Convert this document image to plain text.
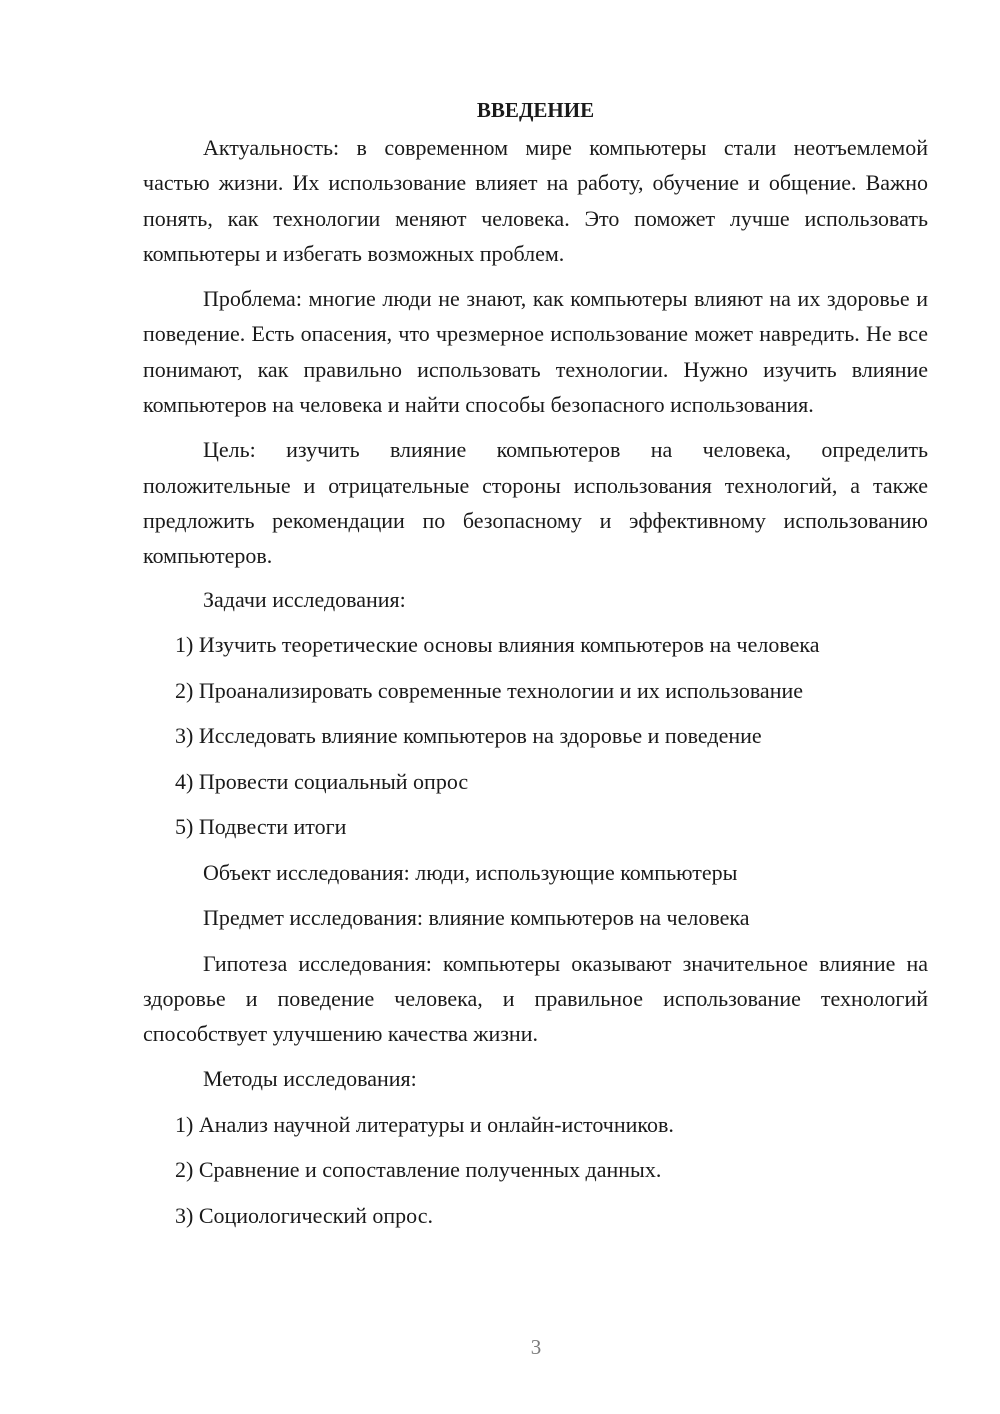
ВВЕДЕНИЕ

Актуальность: в современном мире компьютеры стали неотъемлемой частью жизни. Их использование влияет на работу, обучение и общение. Важно понять, как технологии меняют человека. Это поможет лучше использовать компьютеры и избегать возможных проблем.

Проблема: многие люди не знают, как компьютеры влияют на их здоровье и поведение. Есть опасения, что чрезмерное использование может навредить. Не все понимают, как правильно использовать технологии. Нужно изучить влияние компьютеров на человека и найти способы безопасного использования.

Цель: изучить влияние компьютеров на человека, определить положительные и отрицательные стороны использования технологий, а также предложить рекомендации по безопасному и эффективному использованию компьютеров.

Задачи исследования:
1) Изучить теоретические основы влияния компьютеров на человека
2) Проанализировать современные технологии и их использование
3) Исследовать влияние компьютеров на здоровье и поведение
4) Провести социальный опрос
5) Подвести итоги
Объект исследования: люди, использующие компьютеры
Предмет исследования: влияние компьютеров на человека

Гипотеза исследования: компьютеры оказывают значительное влияние на здоровье и поведение человека, и правильное использование технологий способствует улучшению качества жизни.

Методы исследования:
1) Анализ научной литературы и онлайн-источников.
2) Сравнение и сопоставление полученных данных.
3) Социологический опрос.
3
